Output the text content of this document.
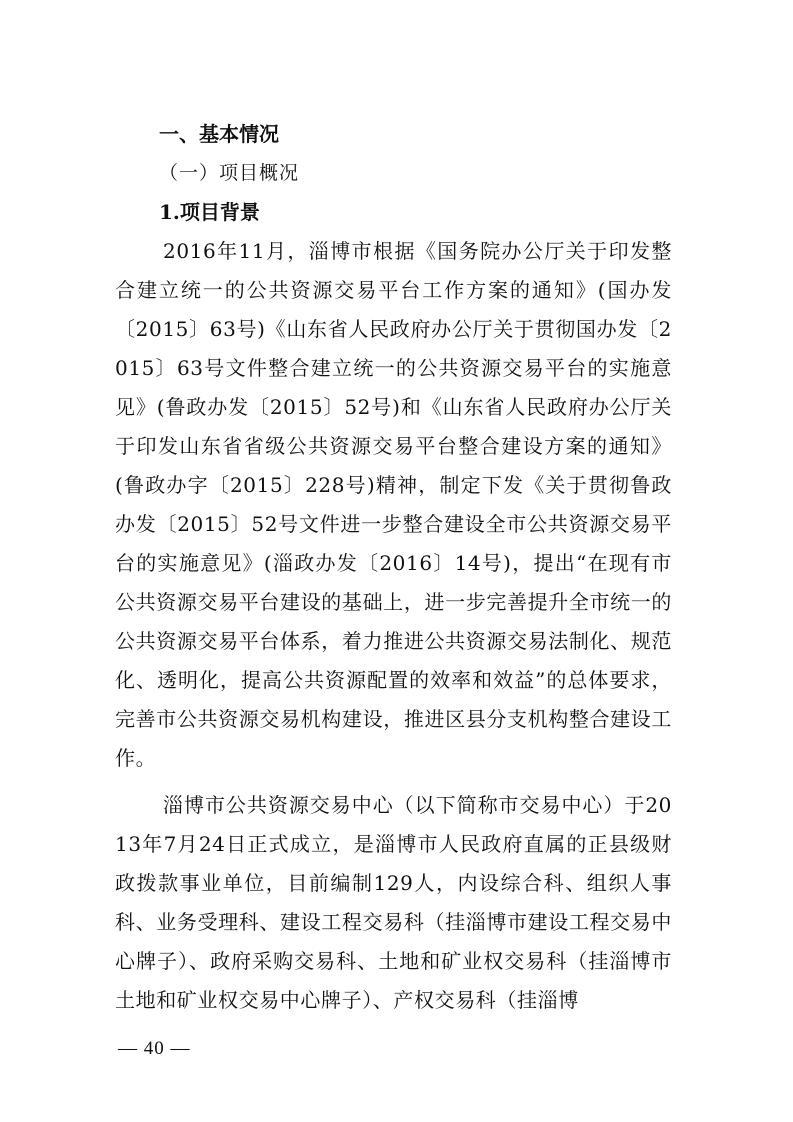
一、基本情况
（一）项目概况
1.项目背景

2016年11月，淄博市根据《国务院办公厅关于印发整合建立统一的公共资源交易平台工作方案的通知》(国办发〔2015〕63号)《山东省人民政府办公厅关于贯彻国办发〔2015〕63号文件整合建立统一的公共资源交易平台的实施意见》(鲁政办发〔2015〕52号)和《山东省人民政府办公厅关于印发山东省省级公共资源交易平台整合建设方案的通知》(鲁政办字〔2015〕228号)精神，制定下发《关于贯彻鲁政办发〔2015〕52号文件进一步整合建设全市公共资源交易平台的实施意见》(淄政办发〔2016〕14号)，提出“在现有市公共资源交易平台建设的基础上，进一步完善提升全市统一的公共资源交易平台体系，着力推进公共资源交易法制化、规范化、透明化，提高公共资源配置的效率和效益”的总体要求，完善市公共资源交易机构建设，推进区县分支机构整合建设工作。

淄博市公共资源交易中心（以下简称市交易中心）于2013年7月24日正式成立，是淄博市人民政府直属的正县级财政拨款事业单位，目前编制129人，内设综合科、组织人事科、业务受理科、建设工程交易科（挂淄博市建设工程交易中心牌子）、政府采购交易科、土地和矿业权交易科（挂淄博市土地和矿业权交易中心牌子）、产权交易科（挂淄博

— 40 —
